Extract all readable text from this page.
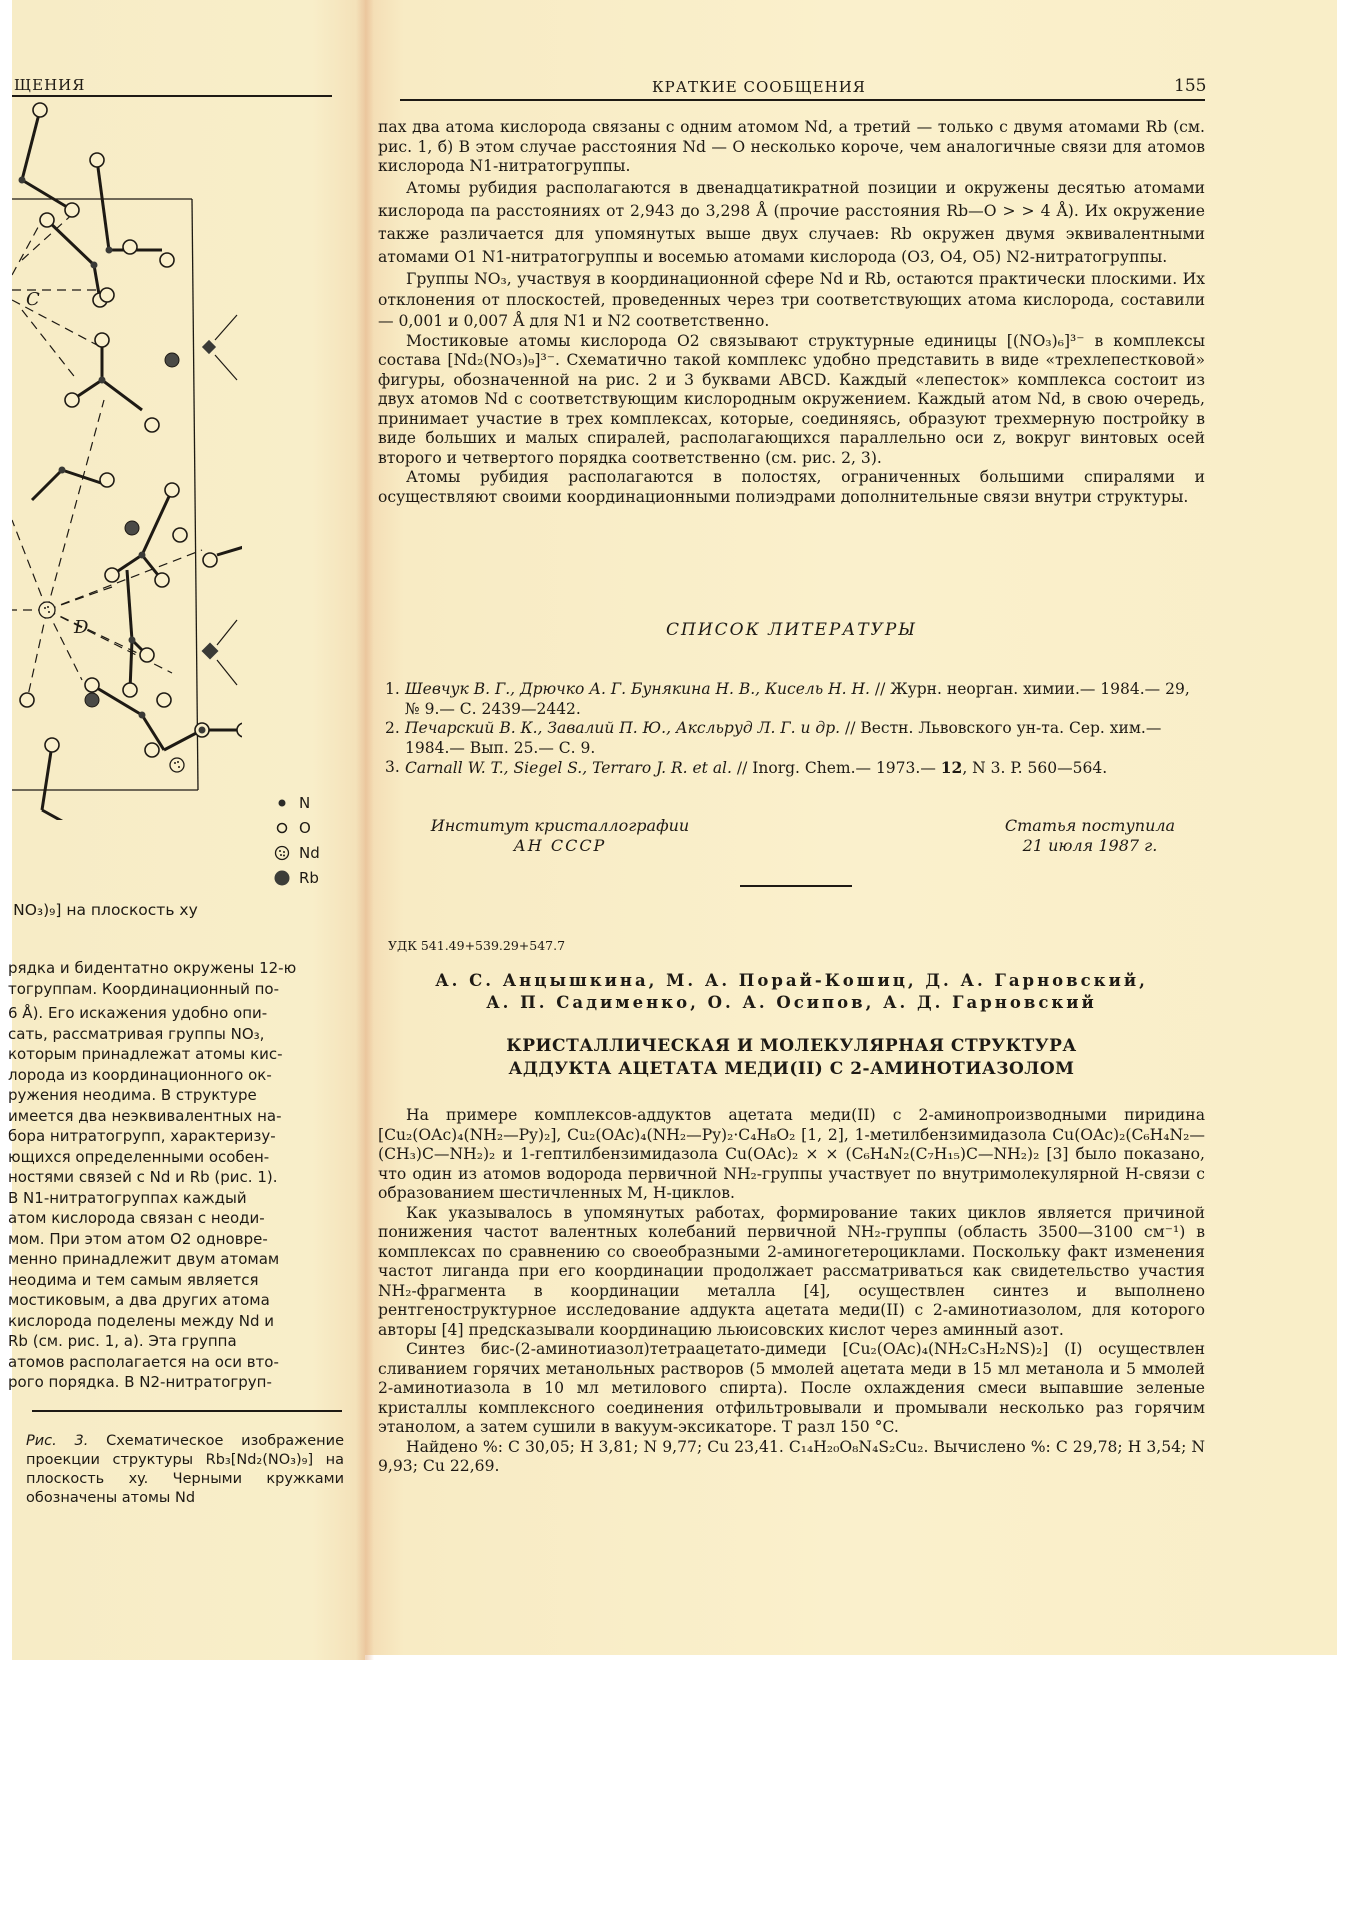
ЩЕНИЯ
C
D
N
O
Nd
Rb
 NO₃)₉] на плоскость xy
рядка и бидентатно окружены 12-ю
тогруппам. Координационный по-
6 Å). Его искажения удобно опи-
сать, рассматривая группы NO₃,
которым принадлежат атомы кис-
лорода из координационного ок-
ружения неодима. В структуре
имеется два неэквивалентных на-
бора нитратогрупп, характеризу-
ющихся определенными особен-
ностями связей с Nd и Rb (рис. 1).
В N1-нитратогруппах каждый
атом кислорода связан с неоди-
мом. При этом атом O2 одновре-
менно принадлежит двум атомам
неодима и тем самым является
мостиковым, а два других атома
кислорода поделены между Nd и
Rb (см. рис. 1, а). Эта группа
атомов располагается на оси вто-
рого порядка. В N2-нитратогруп-
Рис. 3. Схематическое изображение проекции структуры Rb₃[Nd₂(NO₃)₉] на плоскость xy. Черными кружками обозначены атомы Nd
КРАТКИЕ СООБЩЕНИЯ	155

пах два атома кислорода связаны с одним атомом Nd, а третий — только с двумя атомами Rb (см. рис. 1, б) В этом случае расстояния Nd — O несколько короче, чем аналогичные связи для атомов кислорода N1-нитратогруппы.

Атомы рубидия располагаются в двенадцатикратной позиции и окружены десятью атомами кислорода па расстояниях от 2,943 до 3,298 Å (прочие расстояния Rb—O > > 4 Å). Их окружение также различается для упомянутых выше двух случаев: Rb окружен двумя эквивалентными атомами O1 N1-нитратогруппы и восемью атомами кислорода (O3, O4, O5) N2-нитратогруппы.

Группы NO₃, участвуя в координационной сфере Nd и Rb, остаются практически плоскими. Их отклонения от плоскостей, проведенных через три соответствующих атома кислорода, составили — 0,001 и 0,007 Å для N1 и N2 соответственно.

Мостиковые атомы кислорода O2 связывают структурные единицы [(NO₃)₆]³⁻ в комплексы состава [Nd₂(NO₃)₉]³⁻. Схематично такой комплекс удобно представить в виде «трехлепестковой» фигуры, обозначенной на рис. 2 и 3 буквами ABCD. Каждый «лепесток» комплекса состоит из двух атомов Nd с соответствующим кислородным окружением. Каждый атом Nd, в свою очередь, принимает участие в трех комплексах, которые, соединяясь, образуют трехмерную постройку в виде больших и малых спиралей, располагающихся параллельно оси z, вокруг винтовых осей второго и четвертого порядка соответственно (см. рис. 2, 3).

Атомы рубидия располагаются в полостях, ограниченных большими спиралями и осуществляют своими координационными полиэдрами дополнительные связи внутри структуры.

СПИСОК ЛИТЕРАТУРЫ
1. Шевчук В. Г., Дрючко А. Г. Бунякина Н. В., Кисель Н. Н. // Журн. неорган. химии.— 1984.— 29, № 9.— С. 2439—2442.
2. Печарский В. К., Завалий П. Ю., Аксльруд Л. Г. и др. // Вестн. Львовского ун-та. Сер. хим.— 1984.— Вып. 25.— С. 9.
3. Carnall W. T., Siegel S., Terraro J. R. et al. // Inorg. Chem.— 1973.— 12, N 3. P. 560—564.
Институт кристаллографии
АН СССР
Статья поступила
21 июля 1987 г.
УДК 541.49+539.29+547.7
А. С. Анцышкина, М. А. Порай-Кошиц, Д. А. Гарновский,
А. П. Садименко, О. А. Осипов, А. Д. Гарновский
КРИСТАЛЛИЧЕСКАЯ И МОЛЕКУЛЯРНАЯ СТРУКТУРА
АДДУКТА АЦЕТАТА МЕДИ(II) С 2-АМИНОТИАЗОЛОМ

На примере комплексов-аддуктов ацетата меди(II) с 2-аминопроизводными пиридина [Cu₂(OAc)₄(NH₂—Py)₂], Cu₂(OAc)₄(NH₂—Py)₂·C₄H₈O₂ [1, 2], 1-метилбензимидазола Cu(OAc)₂(C₆H₄N₂—(CH₃)C—NH₂)₂ и 1-гептилбензимидазола Cu(OAc)₂ × × (C₆H₄N₂(C₇H₁₅)C—NH₂)₂ [3] было показано, что один из атомов водорода первичной NH₂-группы участвует по внутримолекулярной H-связи с образованием шестичленных M, H-циклов.

Как указывалось в упомянутых работах, формирование таких циклов является причиной понижения частот валентных колебаний первичной NH₂-группы (область 3500—3100 см⁻¹) в комплексах по сравнению со своеобразными 2-аминогетероциклами. Поскольку факт изменения частот лиганда при его координации продолжает рассматриваться как свидетельство участия NH₂-фрагмента в координации металла [4], осуществлен синтез и выполнено рентгеноструктурное исследование аддукта ацетата меди(II) с 2-аминотиазолом, для которого авторы [4] предсказывали координацию льюисовских кислот через аминный азот.

Синтез бис-(2-аминотиазол)тетраацетато-димеди [Cu₂(OAc)₄(NH₂C₃H₂NS)₂] (I) осуществлен сливанием горячих метанольных растворов (5 ммолей ацетата меди в 15 мл метанола и 5 ммолей 2-аминотиазола в 10 мл метилового спирта). После охлаждения смеси выпавшие зеленые кристаллы комплексного соединения отфильтровывали и промывали несколько раз горячим этанолом, а затем сушили в вакуум-эксикаторе. T разл 150 °C.

Найдено %: C 30,05; H 3,81; N 9,77; Cu 23,41. C₁₄H₂₀O₈N₄S₂Cu₂. Вычислено %: C 29,78; H 3,54; N 9,93; Cu 22,69.
